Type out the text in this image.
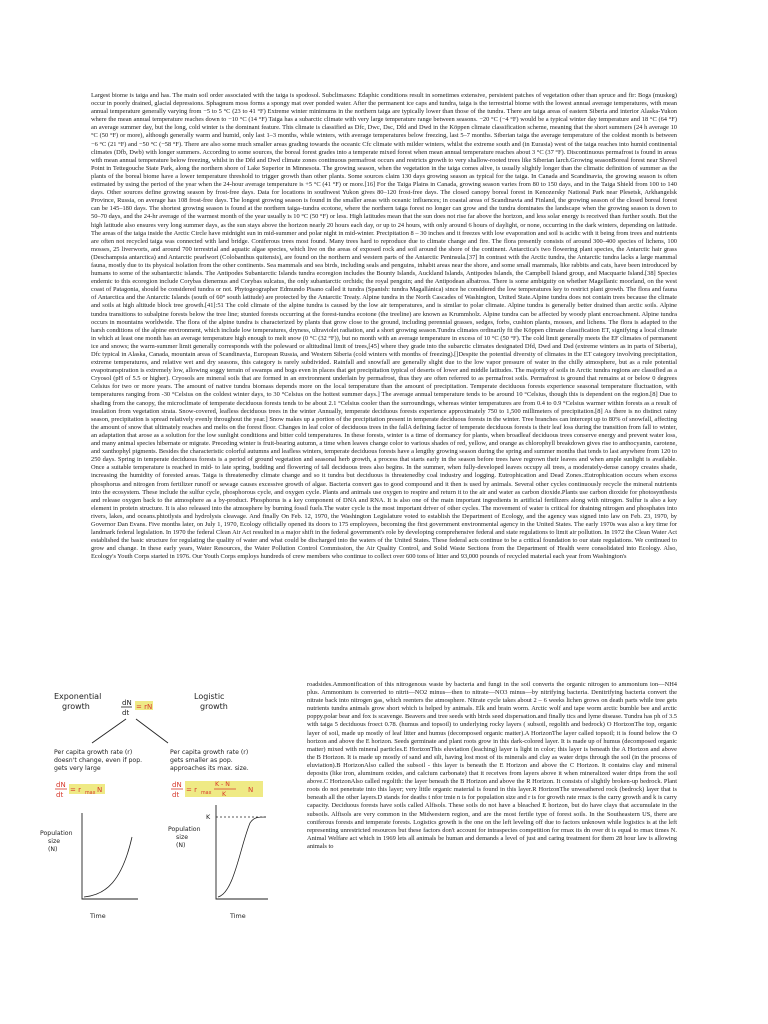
Largest biome is taiga and has. The main soil order associated with the taiga is spodosol. Subclimaxes: Edaphic conditions result in sometimes extensive, persistent patches of vegetation other than spruce and fir: Bogs (muskeg) occur in poorly drained, glacial depressions. Sphagnum moss forms a spongy mat over ponded water. After the permanent ice caps and tundra, taiga is the terrestrial biome with the lowest annual average temperatures, with mean annual temperature generally varying from −5 to 5 °C (23 to 41 °F) Extreme winter minimums in the northern taiga are typically lower than those of the tundra. There are taiga areas of eastern Siberia and interior Alaska-Yukon where the mean annual temperature reaches down to −10 °C (14 °F) Taiga has a subarctic climate with very large temperature range between seasons. −20 °C (−4 °F) would be a typical winter day temperature and 18 °C (64 °F) an average summer day, but the long, cold winter is the dominant feature. This climate is classified as Dfc, Dwc, Dsc, Dfd and Dwd in the Köppen climate classification scheme, meaning that the short summers (24 h average 10 °C (50 °F) or more), although generally warm and humid, only last 1–3 months, while winters, with average temperatures below freezing, last 5–7 months. Siberian taiga the average temperature of the coldest month is between −6 °C (21 °F) and −50 °C (−58 °F). There are also some much smaller areas grading towards the oceanic Cfc climate with milder winters, whilst the extreme south and (in Eurasia) west of the taiga reaches into humid continental climates (Dfb, Dwb) with longer summers. According to some sources, the boreal forest grades into a temperate mixed forest when mean annual temperature reaches about 3 °C (37 °F). Discontinuous permafrost is found in areas with mean annual temperature below freezing, whilst in the Dfd and Dwd climate zones continuous permafrost occurs and restricts growth to very shallow-rooted trees like Siberian larch.Growing seasonBoreal forest near Shovel Point in Tettegouche State Park, along the northern shore of Lake Superior in Minnesota. The growing season, when the vegetation in the taiga comes alive, is usually slightly longer than the climatic definition of summer as the plants of the boreal biome have a lower temperature threshold to trigger growth than other plants. Some sources claim 130 days growing season as typical for the taiga. In Canada and Scandinavia, the growing season is often estimated by using the period of the year when the 24-hour average temperature is +5 °C (41 °F) or more.[16] For the Taiga Plains in Canada, growing season varies from 80 to 150 days, and in the Taiga Shield from 100 to 140 days. Other sources define growing season by frost-free days. Data for locations in southwest Yukon gives 80–120 frost-free days. The closed canopy boreal forest in Kenozersky National Park near Plesetsk, Arkhangelsk Province, Russia, on average has 108 frost-free days. The longest growing season is found in the smaller areas with oceanic influences; in coastal areas of Scandinavia and Finland, the growing season of the closed boreal forest can be 145–180 days. The shortest growing season is found at the northern taiga–tundra ecotone, where the northern taiga forest no longer can grow and the tundra dominates the landscape when the growing season is down to 50–70 days, and the 24-hr average of the warmest month of the year usually is 10 °C (50 °F) or less. High latitudes mean that the sun does not rise far above the horizon, and less solar energy is received than further south. But the high latitude also ensures very long summer days, as the sun stays above the horizon nearly 20 hours each day, or up to 24 hours, with only around 6 hours of daylight, or none, occurring in the dark winters, depending on latitude. The areas of the taiga inside the Arctic Circle have midnight sun in mid-summer and polar night in mid-winter. Precipitation 8 – 30 inches and it freezes with low evaporation and soil is acidic with it being from trees and nutrients are often not recycled taiga was connected with land bridge. Coniferous trees most found. Many trees hard to reproduce due to climate change and fire. The flora presently consists of around 300–400 species of lichens, 100 mosses, 25 liverworts, and around 700 terrestrial and aquatic algae species, which live on the areas of exposed rock and soil around the shore of the continent. Antarctica's two flowering plant species, the Antarctic hair grass (Deschampsia antarctica) and Antarctic pearlwort (Colobanthus quitensis), are found on the northern and western parts of the Antarctic Peninsula.[37] In contrast with the Arctic tundra, the Antarctic tundra lacks a large mammal fauna, mostly due to its physical isolation from the other continents. Sea mammals and sea birds, including seals and penguins, inhabit areas near the shore, and some small mammals, like rabbits and cats, have been introduced by humans to some of the subantarctic islands. The Antipodes Subantarctic Islands tundra ecoregion includes the Bounty Islands, Auckland Islands, Antipodes Islands, the Campbell Island group, and Macquarie Island.[38] Species endemic to this ecoregion include Corybas dienemus and Corybas sulcatus, the only subantarctic orchids; the royal penguin; and the Antipodean albatross. There is some ambiguity on whether Magellanic moorland, on the west coast of Patagonia, should be considered tundra or not. Phytogeographer Edmundo Pisano called it tundra (Spanish: tundra Magallánica) since he considered the low temperatures key to restrict plant growth. The flora and fauna of Antarctica and the Antarctic Islands (south of 60° south latitude) are protected by the Antarctic Treaty. Alpine tundra in the North Cascades of Washington, United State.Alpine tundra does not contain trees because the climate and soils at high altitude block tree growth.[41]:51 The cold climate of the alpine tundra is caused by the low air temperatures, and is similar to polar climate. Alpine tundra is generally better drained than arctic soils. Alpine tundra transitions to subalpine forests below the tree line; stunted forests occurring at the forest-tundra ecotone (the treeline) are known as Krummholz. Alpine tundra can be affected by woody plant encroachment. Alpine tundra occurs in mountains worldwide. The flora of the alpine tundra is characterized by plants that grow close to the ground, including perennial grasses, sedges, forbs, cushion plants, mosses, and lichens. The flora is adapted to the harsh conditions of the alpine environment, which include low temperatures, dryness, ultraviolet radiation, and a short growing season.Tundra climates ordinarily fit the Köppen climate classification ET, signifying a local climate in which at least one month has an average temperature high enough to melt snow (0 °C (32 °F)), but no month with an average temperature in excess of 10 °C (50 °F). The cold limit generally meets the EF climates of permanent ice and snows; the warm-summer limit generally corresponds with the poleward or altitudinal limit of trees,[45] where they grade into the subarctic climates designated Dfd, Dwd and Dsd (extreme winters as in parts of Siberia), Dfc typical in Alaska, Canada, mountain areas of Scandinavia, European Russia, and Western Siberia (cold winters with months of freezing).[]Despite the potential diversity of climates in the ET category involving precipitation, extreme temperatures, and relative wet and dry seasons, this category is rarely subdivided. Rainfall and snowfall are generally slight due to the low vapor pressure of water in the chilly atmosphere, but as a rule potential evapotranspiration is extremely low, allowing soggy terrain of swamps and bogs even in places that get precipitation typical of deserts of lower and middle latitudes. The majority of soils in Arctic tundra regions are classified as a Cryosol (pH of 5.5 or higher). Cryosols are mineral soils that are formed in an environment underlain by permafrost, thus they are often referred to as permafrost soils. Permafrost is ground that remains at or below 0 degrees Celsius for two or more years. The amount of native tundra biomass depends more on the local temperature than the amount of precipitation. Temperate deciduous forests experience seasonal temperature fluctuation, with temperatures ranging from -30 °Celsius on the coldest winter days, to 30 °Celsius on the hottest summer days.] The average annual temperature tends to be around 10 °Celsius, though this is dependent on the region.[8] Due to shading from the canopy, the microclimate of temperate deciduous forests tends to be about 2.1 °Celsius cooler than the surroundings, whereas winter temperatures are from 0.4 to 0.9 °Celsius warmer within forests as a result of insulation from vegetation strata. Snow-covered, leafless deciduous trees in the winter Annually, temperate deciduous forests experience approximately 750 to 1,500 millimeters of precipitation.[8] As there is no distinct rainy season, precipitation is spread relatively evenly throughout the year.] Snow makes up a portion of the precipitation present in temperate deciduous forests in the winter. Tree branches can intercept up to 80% of snowfall, affecting the amount of snow that ultimately reaches and melts on the forest floor. Changes in leaf color of deciduous trees in the fallA defining factor of temperate deciduous forests is their leaf loss during the transition from fall to winter, an adaptation that arose as a solution for the low sunlight conditions and bitter cold temperatures. In these forests, winter is a time of dormancy for plants, when broadleaf deciduous trees conserve energy and prevent water loss, and many animal species hibernate or migrate. Preceding winter is fruit-bearing autumn, a time when leaves change color to various shades of red, yellow, and orange as chlorophyll breakdown gives rise to anthocyanin, carotene, and xanthophyl pigments. Besides the characteristic colorful autumns and leafless winters, temperate deciduous forests have a lengthy growing season during the spring and summer months that tends to last anywhere from 120 to 250 days. Spring in temperate deciduous forests is a period of ground vegetation and seasonal herb growth, a process that starts early in the season before trees have regrown their leaves and when ample sunlight is available. Once a suitable temperature is reached in mid- to late spring, budding and flowering of tall deciduous trees also begins. In the summer, when fully-developed leaves occupy all trees, a moderately-dense canopy creates shade, increasing the humidity of forested areas. Taiga is threatenedby climate change and so it tundra but deciduous is threatenedby coal industry and logging. Eutrophication and Dead Zones.:Eutrophication occurs when excess phosphorus and nitrogen from fertilizer runoff or sewage causes excessive growth of algae. Bacteria convert gas to good compound and it then is used by animals. Several other cycles continuously recycle the mineral nutrients into the ecosystem. These include the sulfur cycle, phosphorous cycle, and oxygen cycle. Plants and animals use oxygen to respire and return it to the air and water as carbon dioxide.Plants use carbon dioxide for photosynthesis and release oxygen back to the atmosphere as a by-product. Phosphorus is a key component of DNA and RNA. It is also one of the main important ingredients in artificial fertilizers along with nitrogen. Sulfur is also a key element in protein structure. It is also released into the atmosphere by burning fossil fuels.The water cycle is the most important driver of other cycles. The movement of water is critical for draining nitrogen and phosphates into rivers, lakes, and oceans.phtotlysis and hydrolysis cleavage. And finally On Feb. 12, 1970, the Washington Legislature voted to establish the Department of Ecology, and the agency was signed into law on Feb. 23, 1970, by Governor Dan Evans. Five months later, on July 1, 1970, Ecology officially opened its doors to 175 employees, becoming the first government environmental agency in the United States. The early 1970s was also a key time for landmark federal legislation. In 1970 the federal Clean Air Act resulted in a major shift in the federal government's role by developing comprehensive federal and state regulations to limit air pollution. In 1972 the Clean Water Act established the basic structure for regulating the quality of water and what could be discharged into the waters of the United States. These federal acts continue to be a critical foundation to our state regulations. We continued to grow and change. In these early years, Water Resources, the Water Pollution Control Commission, the Air Quality Control, and Solid Waste Sections from the Department of Health were consolidated into Ecology. Also, Ecology's Youth Corps started in 1976. Our Youth Corps employs hundreds of crew members who continue to collect over 600 tons of litter and 93,000 pounds of recycled material each year from Washington's
dN
dt
= rN
Exponential
growth
Logistic
growth
Per capita growth rate (r)
doesn't change, even if pop.
gets very large
Per capita growth rate (r)
gets smaller as pop.
approaches its max. size.
dN
dt
= r max N
dN
dt
= r max
K - N
K
N
Population
size
(N)
Time
Population
size
(N)
K
Time
roadsides.Ammonification of this nitrogenous waste by bacteria and fungi in the soil converts the organic nitrogen to ammonium ion—NH4 plus. Ammonium is converted to nitrit—NO2 minus—then to nitrate—NO3 minus—by nitrifying bacteria. Denitrifying bacteria convert the nitrate back into nitrogen gas, which reenters the atmosphere. Nitrate cycle takes about 2 – 6 weeks lichen grows on death parts while tree gets nutrients tundra animals grow short which is helped by animals. Elk and brain worm. Arctic wolf and tape worm arctic bumble bee and arctic poppy.polar bear and fox is scavenge. Beavers and tree seeds with birds seed dispersation.and finally tics and lyme disease. Tundra has ph of 3.5 with taiga 5 deciduous froect 0.78. (humus and topsoil) to underlying rocky layers ( subsoil, regolith and bedrock) O HorizonThe top, organic layer of soil, made up mostly of leaf litter and humus (decomposed organic matter).A HorizonThe layer called topsoil; it is found below the O horizon and above the E horizon. Seeds germinate and plant roots grow in this dark-colored layer. It is made up of humus (decomposed organic matter) mixed with mineral particles.E HorizonThis eluviation (leaching) layer is light in color; this layer is beneath the A Horizon and above the B Horizon. It is made up mostly of sand and silt, having lost most of its minerals and clay as water drips through the soil (in the process of eluviation).B HorizonAlso called the subsoil - this layer is beneath the E Horizon and above the C Horizon. It contains clay and mineral deposits (like iron, aluminum oxides, and calcium carbonate) that it receives from layers above it when mineralized water drips from the soil above.C HorizonAlso called regolith: the layer beneath the B Horizon and above the R Horizon. It consists of slightly broken-up bedrock. Plant roots do not penetrate into this layer; very little organic material is found in this layer.R HorizonThe unweathered rock (bedrock) layer that is beneath all the other layers.D stands for deaths t nfor tmie n is for population size and r is for growth rate rmax is the carry growth and k is carry capacity. Deciduous forests have soils called Alfisols. These soils do not have a bleached E horizon, but do have clays that accumulate in the subsoils. Alfisols are very common in the Midwestern region, and are the most fertile type of forest soils. In the Southeastern US, there are coniferous forests and temperate forests. Logistics growth is the one on the left leveling off due to factors unknown while logistics is at the left representing unrestricted resources but these factors don't account for intraspecies competition for rmax its dn over dt is equal to rmax times N. Animal Welfare act which in 1969 lets all animals be human and demands a level of just and caring treatment for them 28 hour law is allowing animals to
